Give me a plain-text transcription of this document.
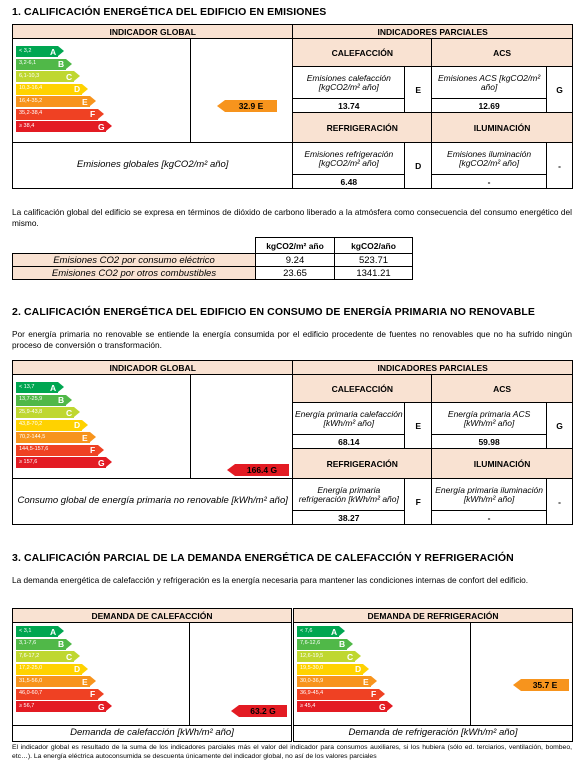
1. CALIFICACIÓN ENERGÉTICA DEL EDIFICIO EN EMISIONES
INDICADOR GLOBAL		INDICADORES PARCIALES			
		CALEFACCIÓN		ACS	
		Emisiones calefacción [kgCO2/m² año]	E	Emisiones ACS [kgCO2/m² año]	G
		13.74		12.69	
		REFRIGERACIÓN		ILUMINACIÓN	
Emisiones globales [kgCO2/m² año]		Emisiones refrigeración [kgCO2/m² año]	D	Emisiones iluminación [kgCO2/m² año]	-
		6.48		-	
< 3,2 A
3,2-6,1	B
6,1-10,3	C
10,3-16,4	D
16,4-35,2	E
35,2-38,4	F
≥ 38,4	G
32.9 E
La calificación global del edificio se expresa en términos de dióxido de carbono liberado a la atmósfera como consecuencia del consumo energético del mismo.
	kgCO2/m² año	kgCO2/año
Emisiones CO2 por consumo eléctrico	9.24	523.71
Emisiones CO2 por otros combustibles	23.65	1341.21
2. CALIFICACIÓN ENERGÉTICA DEL EDIFICIO EN CONSUMO DE ENERGÍA PRIMARIA NO RENOVABLE
Por energía primaria no renovable se entiende la energía consumida por el edificio procedente de fuentes no renovables que no ha sufrido ningún proceso de conversión o transformación.
INDICADOR GLOBAL		INDICADORES PARCIALES			
		CALEFACCIÓN		ACS	
		Energía primaria calefacción [kWh/m² año]	E	Energía primaria ACS [kWh/m² año]	G
		68.14		59.98	
		REFRIGERACIÓN		ILUMINACIÓN	
Consumo global de energía primaria no renovable [kWh/m² año]		Energía primaria refrigeración [kWh/m² año]	F	Energía primaria iluminación [kWh/m² año]	-
		38.27		-	
< 13,7 A
13,7-25,9 B
25,9-43,8	C
43,8-70,2	D
70,2-144,5	E
144,5-157,6	F
≥ 157,6	G
166.4 G
3. CALIFICACIÓN PARCIAL DE LA DEMANDA ENERGÉTICA DE CALEFACCIÓN Y REFRIGERACIÓN
La demanda energética de calefacción y refrigeración es la energía necesaria para mantener las condiciones internas de confort del edificio.
DEMANDA DE CALEFACCIÓN

Demanda de calefacción [kWh/m² año]
DEMANDA DE REFRIGERACIÓN

Demanda de refrigeración [kWh/m² año]
< 3,1 A
3,1-7,6	B
7,6-17,2	C
17,2-25,0	D
31,5-56,0	E
46,0-60,7	F
≥ 56,7	G	63.2 G
< 7,6 A
7,6-12,6 B
12,6-19,5	C
19,5-30,0	D
30,0-36,9	E
36,9-45,4	F
≥ 45,4	G
35.7 E
El indicador global es resultado de la suma de los indicadores parciales más el valor del indicador para consumos auxiliares, si los hubiera (sólo ed. terciarios, ventilación, bombeo, etc…). La energía eléctrica autoconsumida se descuenta únicamente del indicador global, no así de los valores parciales
